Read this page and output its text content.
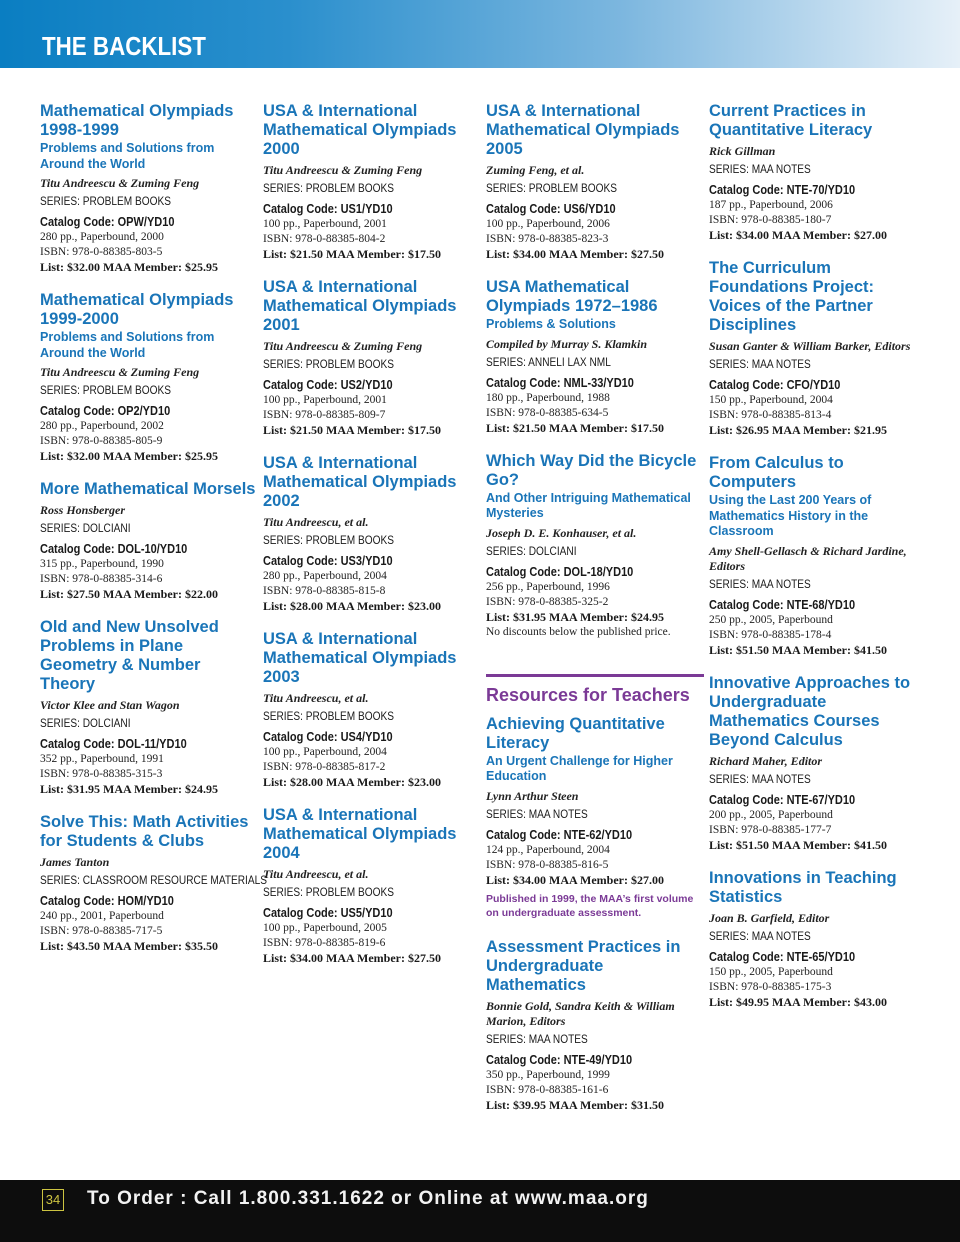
THE BACKLIST
Mathematical Olympiads 1998-1999
Problems and Solutions from Around the World
Titu Andreescu & Zuming Feng
SERIES: PROBLEM BOOKS
Catalog Code: OPW/YD10
280 pp., Paperbound, 2000
ISBN: 978-0-88385-803-5
List: $32.00 MAA Member: $25.95
Mathematical Olympiads 1999-2000
Problems and Solutions from Around the World
Titu Andreescu & Zuming Feng
SERIES: PROBLEM BOOKS
Catalog Code: OP2/YD10
280 pp., Paperbound, 2002
ISBN: 978-0-88385-805-9
List: $32.00 MAA Member: $25.95
More Mathematical Morsels
Ross Honsberger
SERIES: DOLCIANI
Catalog Code: DOL-10/YD10
315 pp., Paperbound, 1990
ISBN: 978-0-88385-314-6
List: $27.50 MAA Member: $22.00
Old and New Unsolved Problems in Plane Geometry & Number Theory
Victor Klee and Stan Wagon
SERIES: DOLCIANI
Catalog Code: DOL-11/YD10
352 pp., Paperbound, 1991
ISBN: 978-0-88385-315-3
List: $31.95 MAA Member: $24.95
Solve This: Math Activities for Students & Clubs
James Tanton
SERIES: CLASSROOM RESOURCE MATERIALS
Catalog Code: HOM/YD10
240 pp., 2001, Paperbound
ISBN: 978-0-88385-717-5
List: $43.50 MAA Member: $35.50
USA & International Mathematical Olympiads 2000
Titu Andreescu & Zuming Feng
SERIES: PROBLEM BOOKS
Catalog Code: US1/YD10
100 pp., Paperbound, 2001
ISBN: 978-0-88385-804-2
List: $21.50 MAA Member: $17.50
USA & International Mathematical Olympiads 2001
Titu Andreescu & Zuming Feng
SERIES: PROBLEM BOOKS
Catalog Code: US2/YD10
100 pp., Paperbound, 2001
ISBN: 978-0-88385-809-7
List: $21.50 MAA Member: $17.50
USA & International Mathematical Olympiads 2002
Titu Andreescu, et al.
SERIES: PROBLEM BOOKS
Catalog Code: US3/YD10
280 pp., Paperbound, 2004
ISBN: 978-0-88385-815-8
List: $28.00 MAA Member: $23.00
USA & International Mathematical Olympiads 2003
Titu Andreescu, et al.
SERIES: PROBLEM BOOKS
Catalog Code: US4/YD10
100 pp., Paperbound, 2004
ISBN: 978-0-88385-817-2
List: $28.00 MAA Member: $23.00
USA & International Mathematical Olympiads 2004
Titu Andreescu, et al.
SERIES: PROBLEM BOOKS
Catalog Code: US5/YD10
100 pp., Paperbound, 2005
ISBN: 978-0-88385-819-6
List: $34.00 MAA Member: $27.50
USA & International Mathematical Olympiads 2005
Zuming Feng, et al.
SERIES: PROBLEM BOOKS
Catalog Code: US6/YD10
100 pp., Paperbound, 2006
ISBN: 978-0-88385-823-3
List: $34.00 MAA Member: $27.50
USA Mathematical Olympiads 1972–1986
Problems & Solutions
Compiled by Murray S. Klamkin
SERIES: ANNELI LAX NML
Catalog Code: NML-33/YD10
180 pp., Paperbound, 1988
ISBN: 978-0-88385-634-5
List: $21.50 MAA Member: $17.50
Which Way Did the Bicycle Go?
And Other Intriguing Mathematical Mysteries
Joseph D. E. Konhauser, et al.
SERIES: DOLCIANI
Catalog Code: DOL-18/YD10
256 pp., Paperbound, 1996
ISBN: 978-0-88385-325-2
List: $31.95 MAA Member: $24.95
No discounts below the published price.
Resources for Teachers
Achieving Quantitative Literacy
An Urgent Challenge for Higher Education
Lynn Arthur Steen
SERIES: MAA NOTES
Catalog Code: NTE-62/YD10
124 pp., Paperbound, 2004
ISBN: 978-0-88385-816-5
List: $34.00 MAA Member: $27.00
Published in 1999, the MAA’s first volume on undergraduate assessment.
Assessment Practices in Undergraduate Mathematics
Bonnie Gold, Sandra Keith & William Marion, Editors
SERIES: MAA NOTES
Catalog Code: NTE-49/YD10
350 pp., Paperbound, 1999
ISBN: 978-0-88385-161-6
List: $39.95 MAA Member: $31.50
Current Practices in Quantitative Literacy
Rick Gillman
SERIES: MAA NOTES
Catalog Code: NTE-70/YD10
187 pp., Paperbound, 2006
ISBN: 978-0-88385-180-7
List: $34.00 MAA Member: $27.00
The Curriculum Foundations Project: Voices of the Partner Disciplines
Susan Ganter & William Barker, Editors
SERIES: MAA NOTES
Catalog Code: CFO/YD10
150 pp., Paperbound, 2004
ISBN: 978-0-88385-813-4
List: $26.95 MAA Member: $21.95
From Calculus to Computers
Using the Last 200 Years of Mathematics History in the Classroom
Amy Shell-Gellasch & Richard Jardine, Editors
SERIES: MAA NOTES
Catalog Code: NTE-68/YD10
250 pp., 2005, Paperbound
ISBN: 978-0-88385-178-4
List: $51.50 MAA Member: $41.50
Innovative Approaches to Undergraduate Mathematics Courses Beyond Calculus
Richard Maher, Editor
SERIES: MAA NOTES
Catalog Code: NTE-67/YD10
200 pp., 2005, Paperbound
ISBN: 978-0-88385-177-7
List: $51.50 MAA Member: $41.50
Innovations in Teaching Statistics
Joan B. Garfield, Editor
SERIES: MAA NOTES
Catalog Code: NTE-65/YD10
150 pp., 2005, Paperbound
ISBN: 978-0-88385-175-3
List: $49.95 MAA Member: $43.00
34 To Order : Call 1.800.331.1622 or Online at www.maa.org
